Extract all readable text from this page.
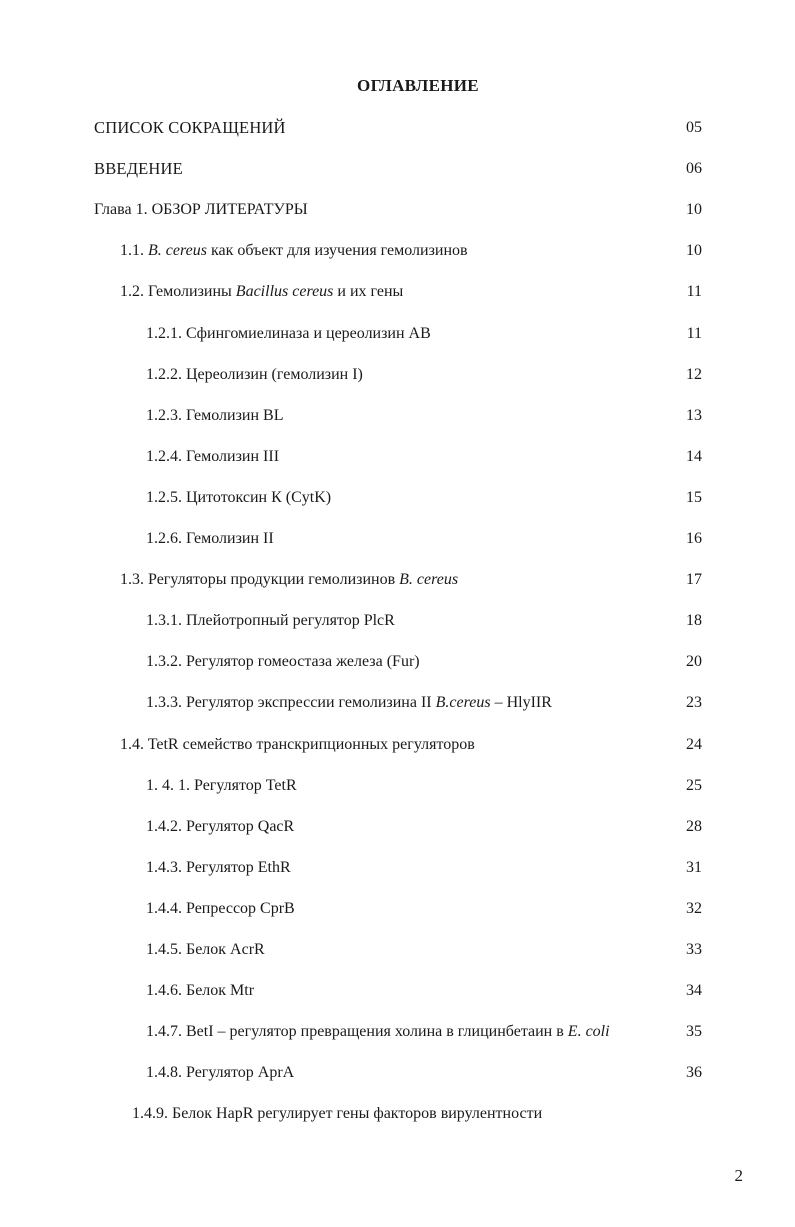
ОГЛАВЛЕНИЕ
СПИСОК СОКРАЩЕНИЙ	05
ВВЕДЕНИЕ	06
Глава 1. ОБЗОР ЛИТЕРАТУРЫ	10
1.1. B. cereus как объект для изучения гемолизинов	10
1.2. Гемолизины Bacillus cereus и их гены	11
1.2.1. Сфингомиелиназа и цереолизин АВ	11
1.2.2. Цереолизин (гемолизин I)	12
1.2.3. Гемолизин BL	13
1.2.4. Гемолизин III	14
1.2.5. Цитотоксин К (CytK)	15
1.2.6. Гемолизин II	16
1.3. Регуляторы продукции гемолизинов B. cereus	17
1.3.1. Плейотропный регулятор PlcR	18
1.3.2. Регулятор гомеостаза железа (Fur)	20
1.3.3. Регулятор экспрессии гемолизина II B.cereus – HlyIIR	23
1.4. TetR семейство транскрипционных регуляторов	24
1. 4. 1. Регулятор TetR	25
1.4.2. Регулятор QacR	28
1.4.3. Регулятор EthR	31
1.4.4. Репрессор CprB	32
1.4.5. Белок AcrR	33
1.4.6. Белок Mtr	34
1.4.7. BetI – регулятор превращения холина в глицинбетаин в E. coli	35
1.4.8. Регулятор AprA	36
1.4.9. Белок HapR регулирует гены факторов вирулентности
2
